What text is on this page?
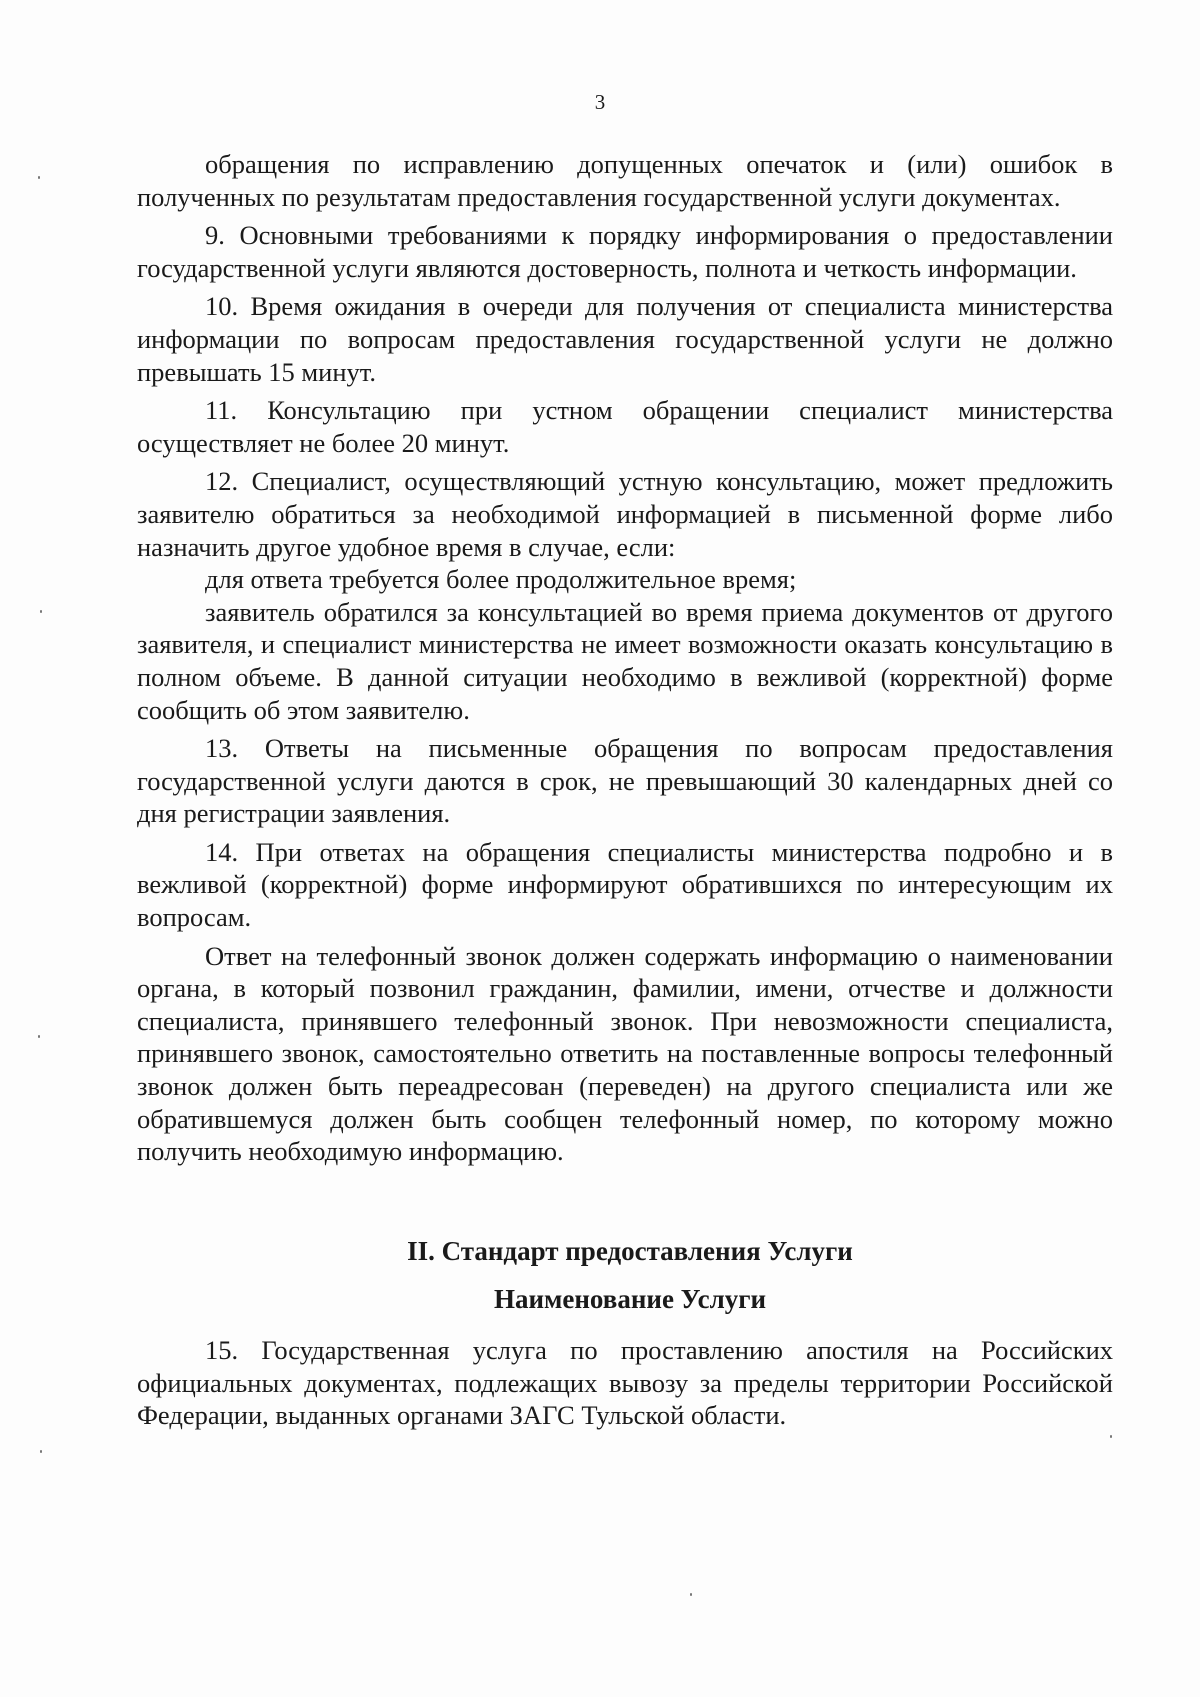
3

обращения по исправлению допущенных опечаток и (или) ошибок в полученных по результатам предоставления государственной услуги документах.

9. Основными требованиями к порядку информирования о предоставлении государственной услуги являются достоверность, полнота и четкость информации.

10. Время ожидания в очереди для получения от специалиста министерства информации по вопросам предоставления государственной услуги не должно превышать 15 минут.

11. Консультацию при устном обращении специалист министерства осуществляет не более 20 минут.

12. Специалист, осуществляющий устную консультацию, может предложить заявителю обратиться за необходимой информацией в письменной форме либо назначить другое удобное время в случае, если:

для ответа требуется более продолжительное время;

заявитель обратился за консультацией во время приема документов от другого заявителя, и специалист министерства не имеет возможности оказать консультацию в полном объеме. В данной ситуации необходимо в вежливой (корректной) форме сообщить об этом заявителю.

13. Ответы на письменные обращения по вопросам предоставления государственной услуги даются в срок, не превышающий 30 календарных дней со дня регистрации заявления.

14. При ответах на обращения специалисты министерства подробно и в вежливой (корректной) форме информируют обратившихся по интересующим их вопросам.

Ответ на телефонный звонок должен содержать информацию о наименовании органа, в который позвонил гражданин, фамилии, имени, отчестве и должности специалиста, принявшего телефонный звонок. При невозможности специалиста, принявшего звонок, самостоятельно ответить на поставленные вопросы телефонный звонок должен быть переадресован (переведен) на другого специалиста или же обратившемуся должен быть сообщен телефонный номер, по которому можно получить необходимую информацию.

II. Стандарт предоставления Услуги
Наименование Услуги

15. Государственная услуга по проставлению апостиля на Российских официальных документах, подлежащих вывозу за пределы территории Российской Федерации, выданных органами ЗАГС Тульской области.
